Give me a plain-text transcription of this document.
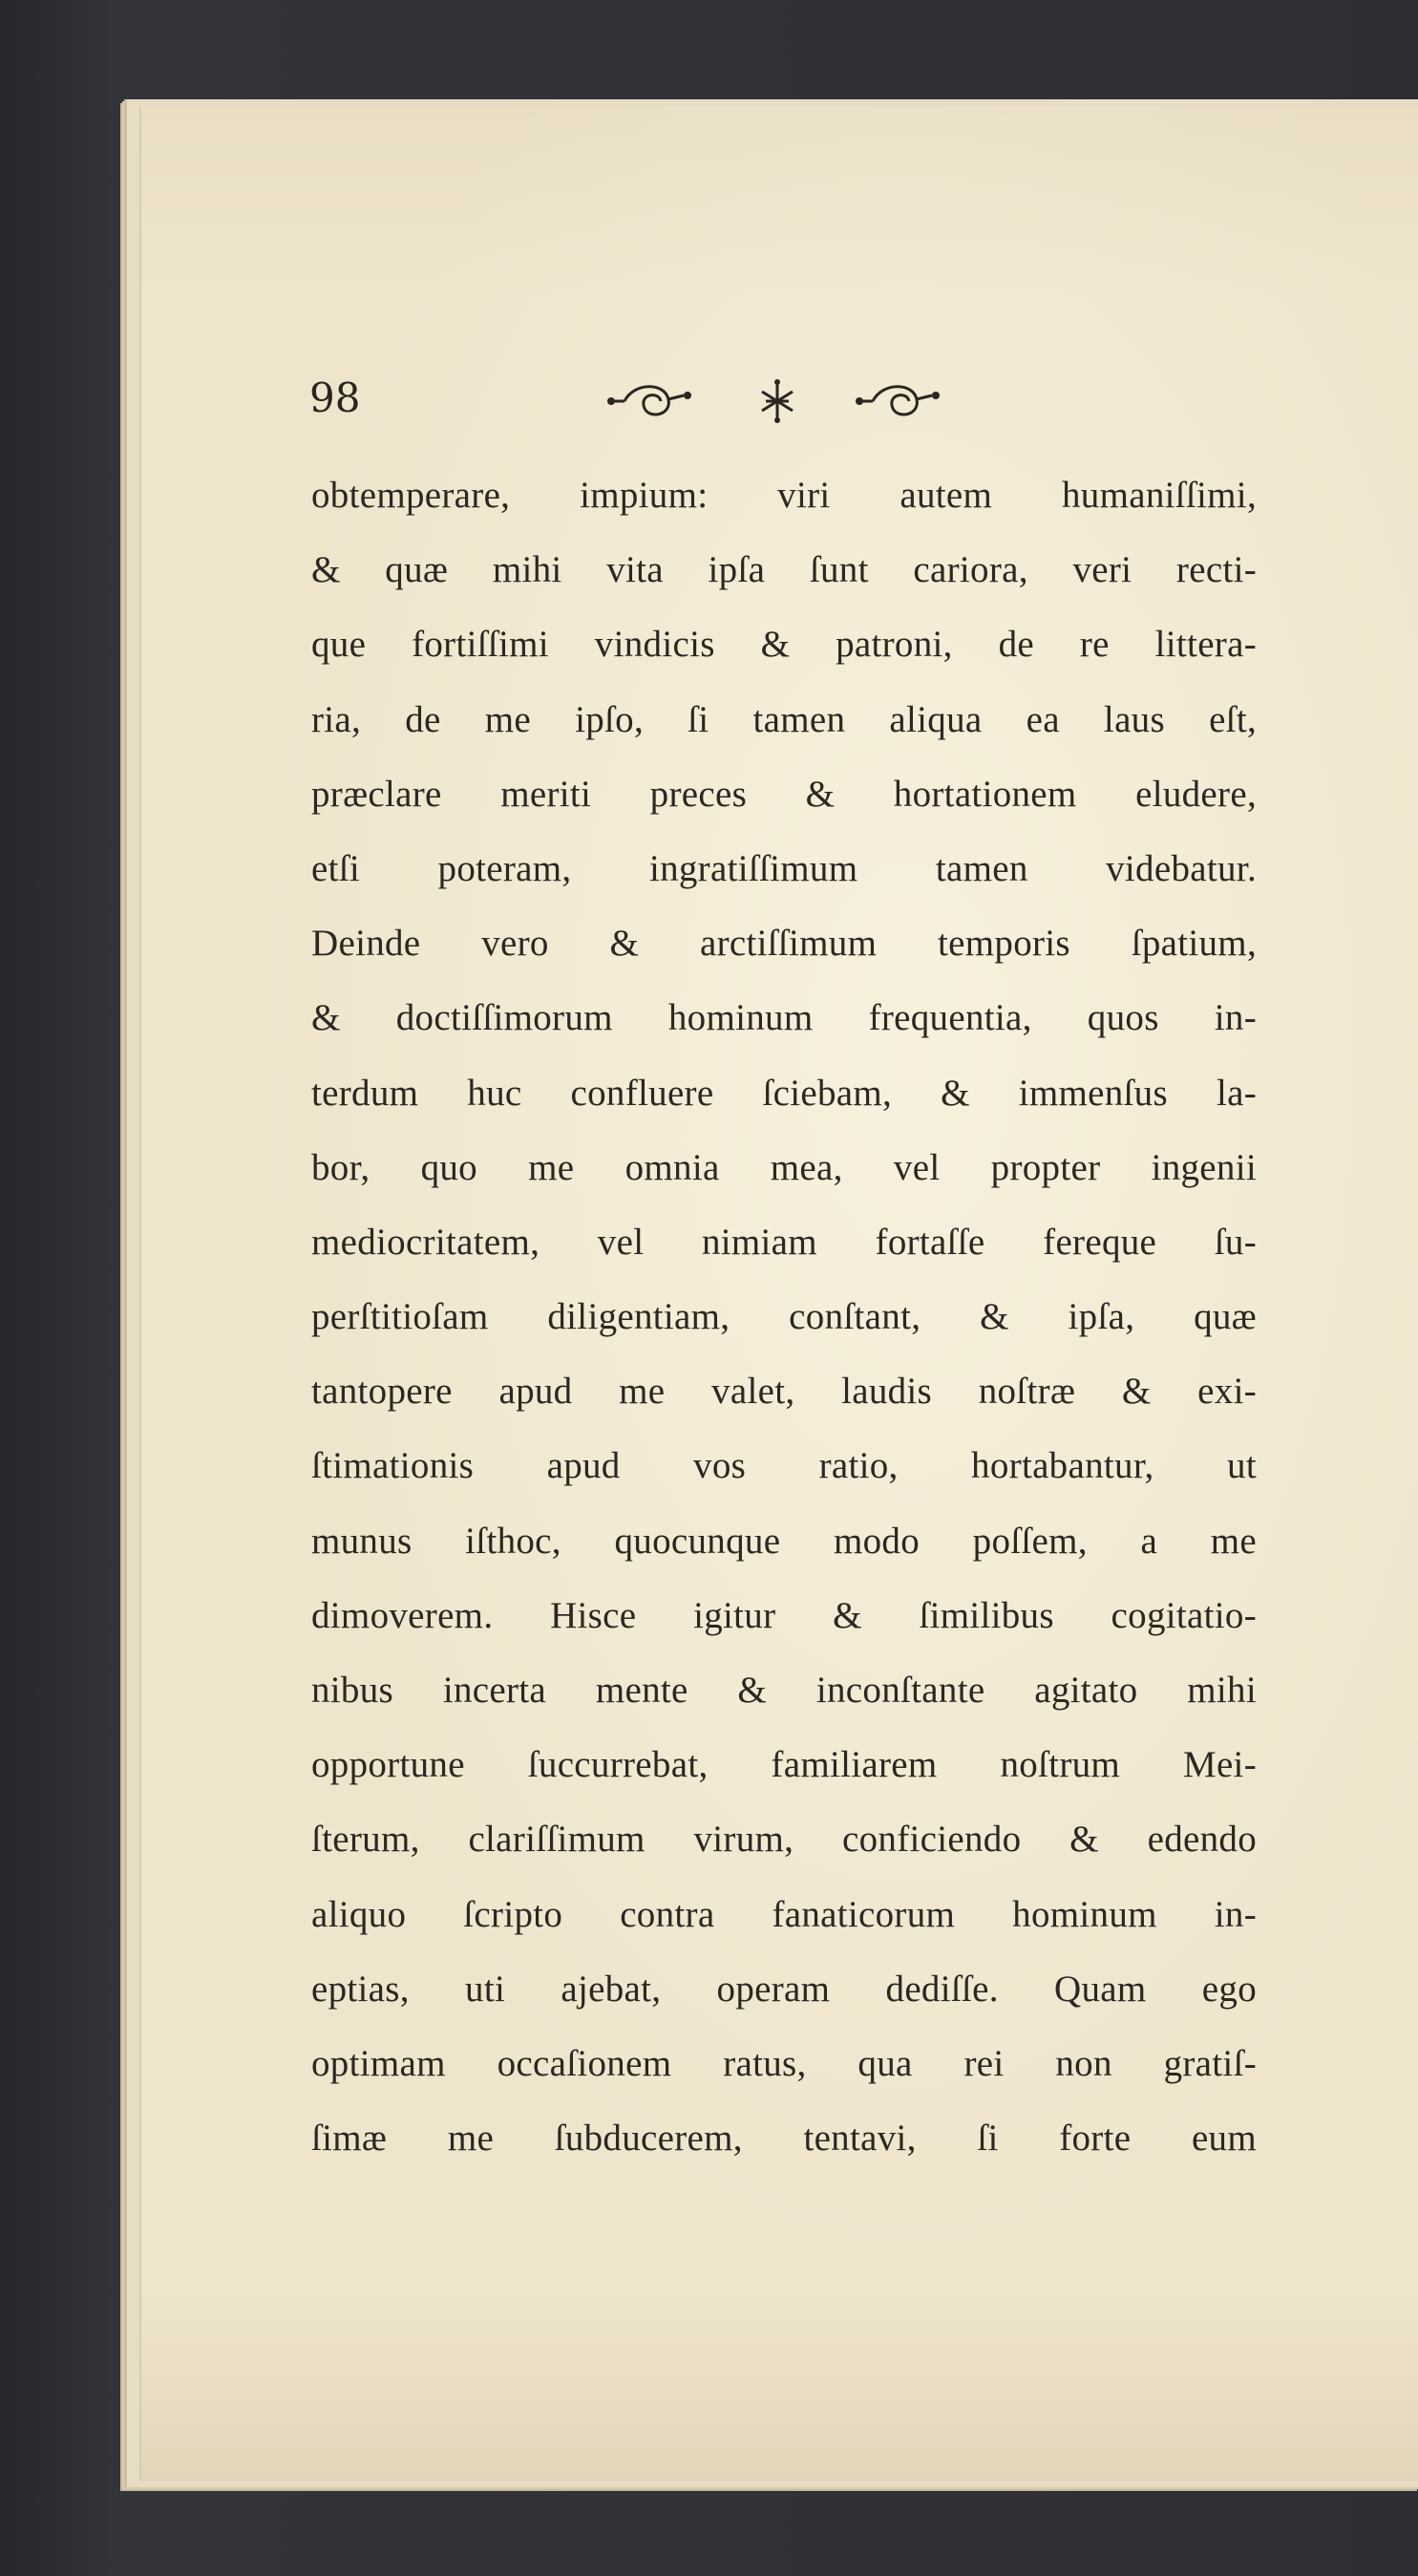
98
obtemperare, impium: viri autem humaniſſimi,
& quæ mihi vita ipſa ſunt cariora, veri recti-
que fortiſſimi vindicis & patroni, de re littera-
ria, de me ipſo, ſi tamen aliqua ea laus eſt,
præclare meriti preces & hortationem eludere,
etſi poteram, ingratiſſimum tamen videbatur.
Deinde vero & arctiſſimum temporis ſpatium,
& doctiſſimorum hominum frequentia, quos in-
terdum huc confluere ſciebam, & immenſus la-
bor, quo me omnia mea, vel propter ingenii
mediocritatem, vel nimiam fortaſſe fereque ſu-
perſtitioſam diligentiam, conſtant, & ipſa, quæ
tantopere apud me valet, laudis noſtræ & exi-
ſtimationis apud vos ratio, hortabantur, ut
munus iſthoc, quocunque modo poſſem, a me
dimoverem. Hisce igitur & ſimilibus cogitatio-
nibus incerta mente & inconſtante agitato mihi
opportune ſuccurrebat, familiarem noſtrum Mei-
ſterum, clariſſimum virum, conficiendo & edendo
aliquo ſcripto contra fanaticorum hominum in-
eptias, uti ajebat, operam dediſſe. Quam ego
optimam occaſionem ratus, qua rei non gratiſ-
ſimæ me ſubducerem, tentavi, ſi forte eum
